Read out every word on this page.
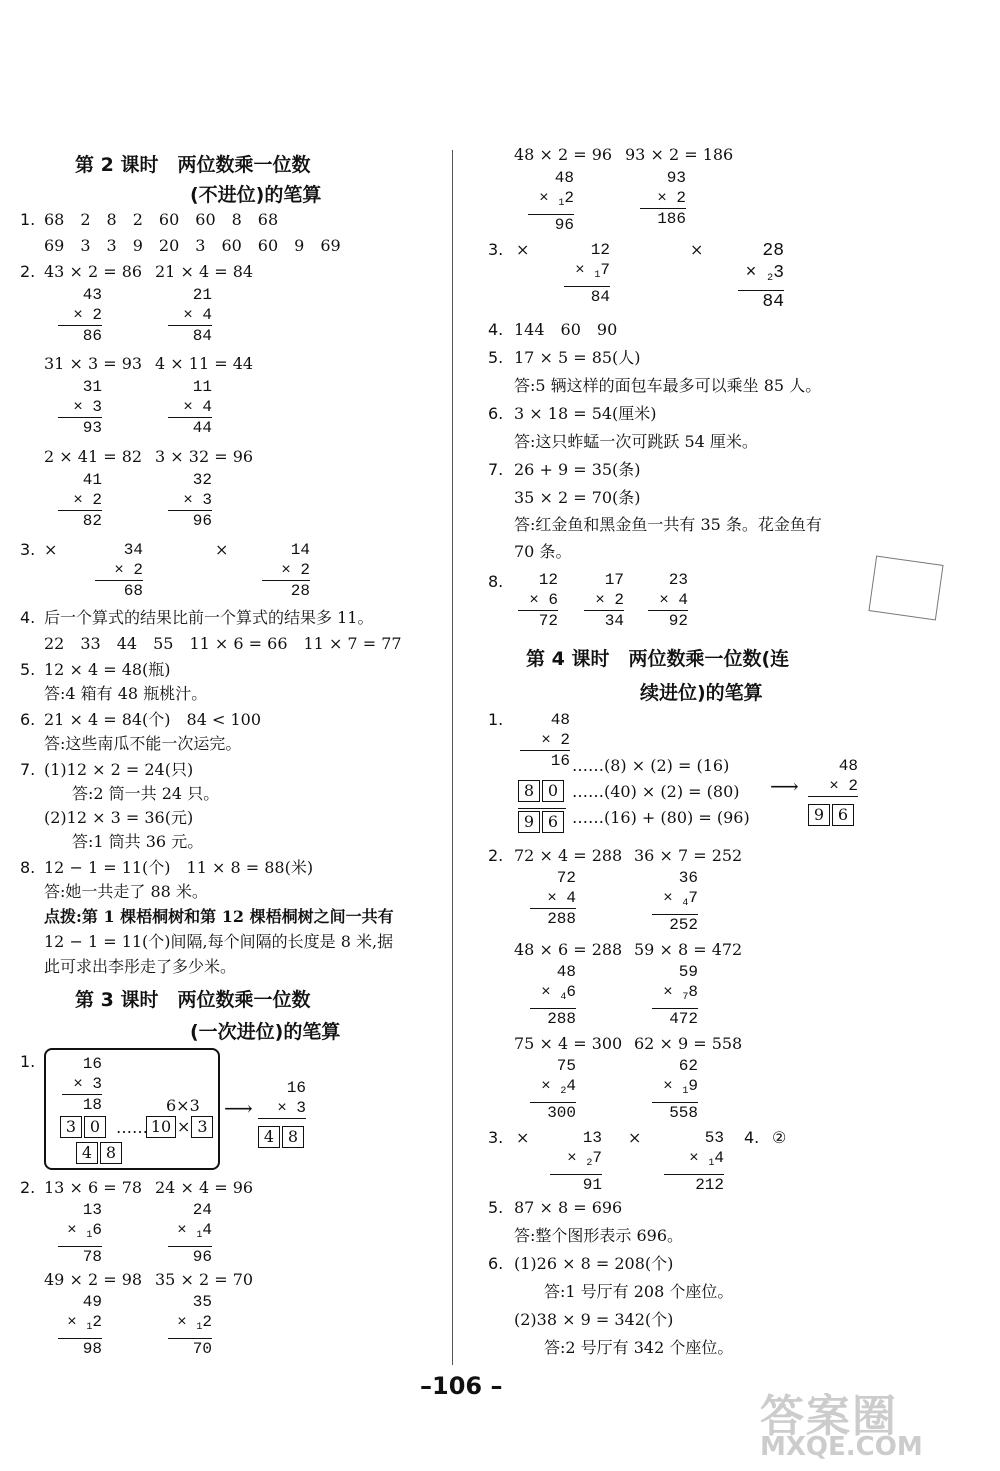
第 2 课时　两位数乘一位数
(不进位)的笔算
1. 68　2　8　2　60　60　8　68
69　3　3　9　20　3　60　60　9　69
2. 43 × 2 = 86 21 × 4 = 84
43
× 2
86
21
× 4
84
31 × 3 = 93 4 × 11 = 44
31
× 3
93
11
× 4
44
2 × 41 = 82 3 × 32 = 96
41
× 2
82
32
× 3
96
3. ×	34
× 2
68
×	14
× 2
28
4. 后一个算式的结果比前一个算式的结果多 11。
22　33　44　55　11 × 6 = 66　11 × 7 = 77
5. 12 × 4 = 48(瓶)
答:4 箱有 48 瓶桃汁。
6. 21 × 4 = 84(个)　84 < 100
答:这些南瓜不能一次运完。
7. (1)12 × 2 = 24(只)
答:2 筒一共 24 只。
(2)12 × 3 = 36(元)
答:1 筒共 36 元。
8. 12 − 1 = 11(个)　11 × 8 = 88(米)
答:她一共走了 88 米。
点拨:第 1 棵梧桐树和第 12 棵梧桐树之间一共有
12 − 1 = 11(个)间隔,每个间隔的长度是 8 米,据
此可求出李彤走了多少米。
第 3 课时　两位数乘一位数
(一次进位)的笔算
1.	16
× 3
18
3 0 ……
6×3
10 × 3
4 8
⟶
16
× 3
4 8
2. 13 × 6 = 78 24 × 4 = 96
13
× 16
78
24
× 14
96
49 × 2 = 98 35 × 2 = 70
49
× 12
98
35
× 12
70
48 × 2 = 96 93 × 2 = 186
48
× 12
96
93
× 2
186
3. ×	12
× 17
84
×	28
× 23
84
4. 144　60　90
5. 17 × 5 = 85(人)
答:5 辆这样的面包车最多可以乘坐 85 人。
6. 3 × 18 = 54(厘米)
答:这只蚱蜢一次可跳跃 54 厘米。
7. 26 + 9 = 35(条)
35 × 2 = 70(条)
答:红金鱼和黑金鱼一共有 35 条。花金鱼有
70 条。
8.	12
× 6
72
17
× 2
34
23
× 4
92
第 4 课时　两位数乘一位数(连
续进位)的笔算
1.	48
× 2
16 ……(8) × (2) = (16)
8 0 ……(40) × (2) = (80)
9 6 ……(16) + (80) = (96)
⟶
48
× 2
9 6
2. 72 × 4 = 288 36 × 7 = 252
72
× 4
288
36
× 47
252
48 × 6 = 288 59 × 8 = 472
48
× 46
288
59
× 78
472
75 × 4 = 300 62 × 9 = 558
75
× 24
300
62
× 19
558
3. ×	13
× 27
91
×	53
× 14
212
4. ②
5. 87 × 8 = 696
答:整个图形表示 696。
6. (1)26 × 8 = 208(个)
答:1 号厅有 208 个座位。
(2)38 × 9 = 342(个)
答:2 号厅有 342 个座位。
–106 –
答案圈
MXQE.COM
